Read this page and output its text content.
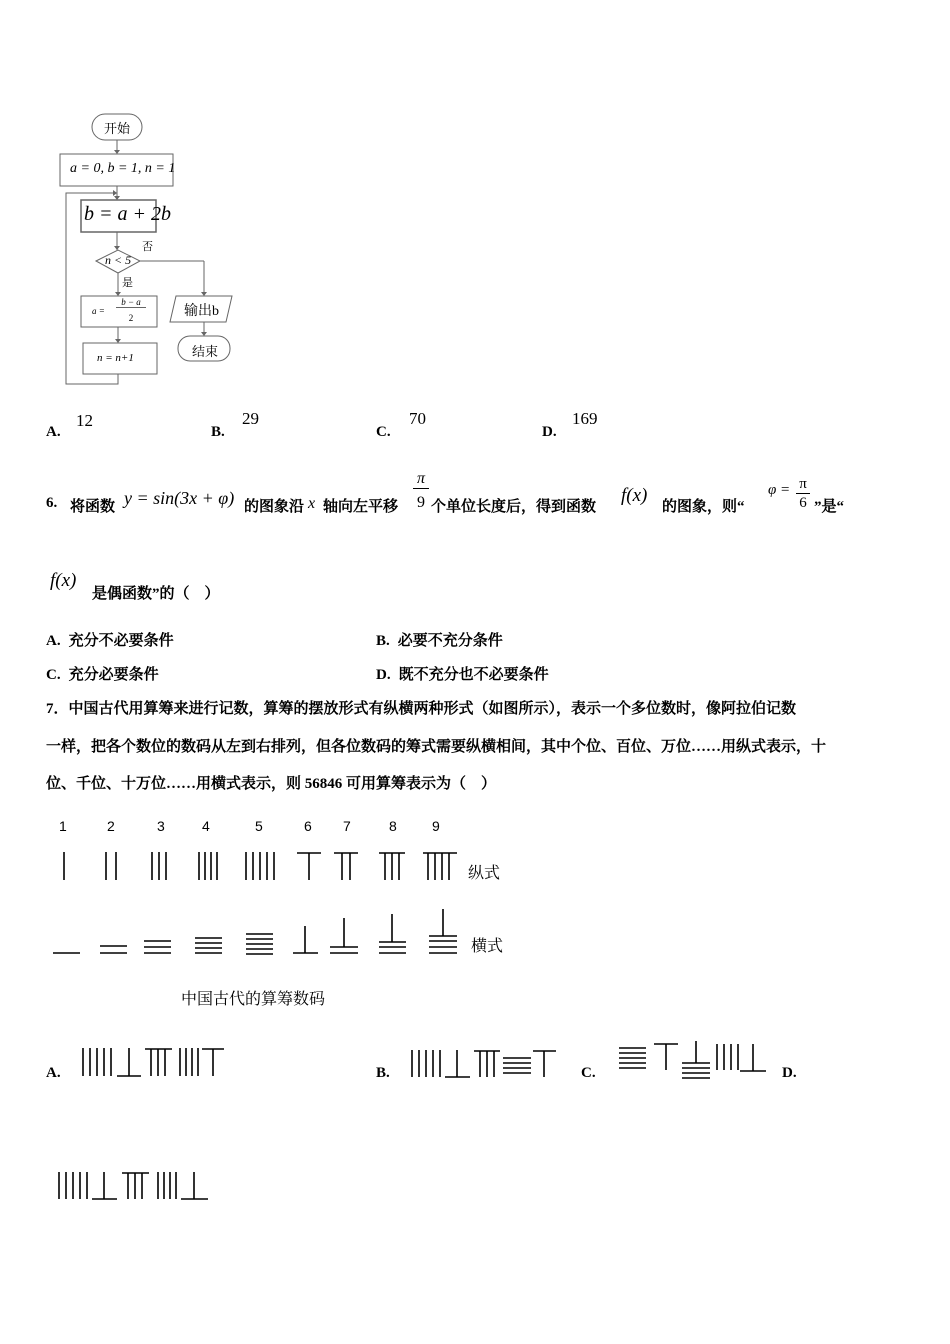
开始
a = 0, b = 1, n = 1
b = a + 2b
n < 5
否
是
a =
b − a
2
n = n+1
输出b
结束
A.
12
B.
29
C.
70
D.
169
6. 将函数 y = sin(3x + φ) 的图象沿 x 轴向左平移
π
9 个单位长度后，得到函数
f(x)
的图象，则“
φ = π
6 ”是“
f(x)
是偶函数”的（　）
A. 充分不必要条件	B. 必要不充分条件
C. 充分必要条件	D. 既不充分也不必要条件
7．中国古代用算筹来进行记数，算筹的摆放形式有纵横两种形式（如图所示），表示一个多位数时，像阿拉伯记数
一样，把各个数位的数码从左到右排列，但各位数码的筹式需要纵横相间，其中个位、百位、万位……用纵式表示，十
位、千位、十万位……用横式表示，则 56846 可用算筹表示为（　）
1	2	3	4	5	6 7	8	9
纵式
横式
中国古代的算筹数码
A.	B.	C.	D.
